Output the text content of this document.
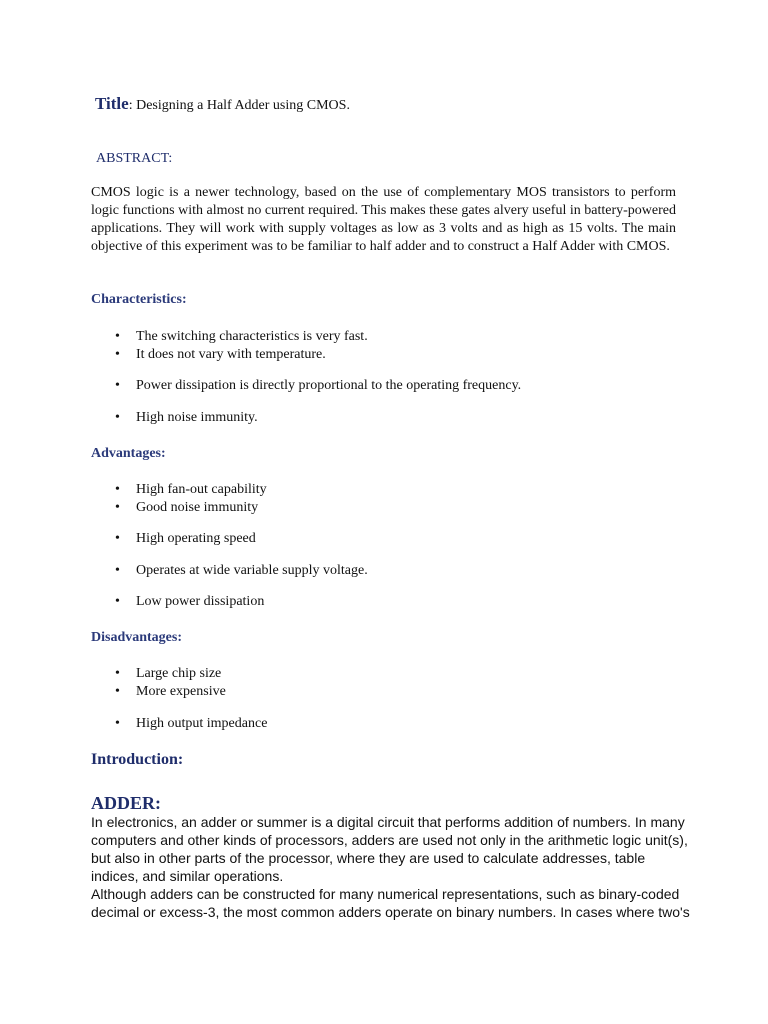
Title: Designing a Half Adder using CMOS.
ABSTRACT:
CMOS logic is a newer technology, based on the use of complementary MOS transistors to perform logic functions with almost no current required. This makes these gates alvery useful in battery-powered applications. They will work with supply voltages as low as 3 volts and as high as 15 volts. The main objective of this experiment was to be familiar to half adder and to construct a Half Adder with CMOS.
Characteristics:
• The switching characteristics is very fast.
• It does not vary with temperature.
• Power dissipation is directly proportional to the operating frequency.
• High noise immunity.
Advantages:
• High fan-out capability
• Good noise immunity
• High operating speed
• Operates at wide variable supply voltage.
• Low power dissipation
Disadvantages:
• Large chip size
• More expensive
• High output impedance
Introduction:
ADDER:

In electronics, an adder or summer is a digital circuit that performs addition of numbers. In many computers and other kinds of processors, adders are used not only in the arithmetic logic unit(s), but also in other parts of the processor, where they are used to calculate addresses, table indices, and similar operations.

Although adders can be constructed for many numerical representations, such as binary-coded decimal or excess-3, the most common adders operate on binary numbers. In cases where two's
